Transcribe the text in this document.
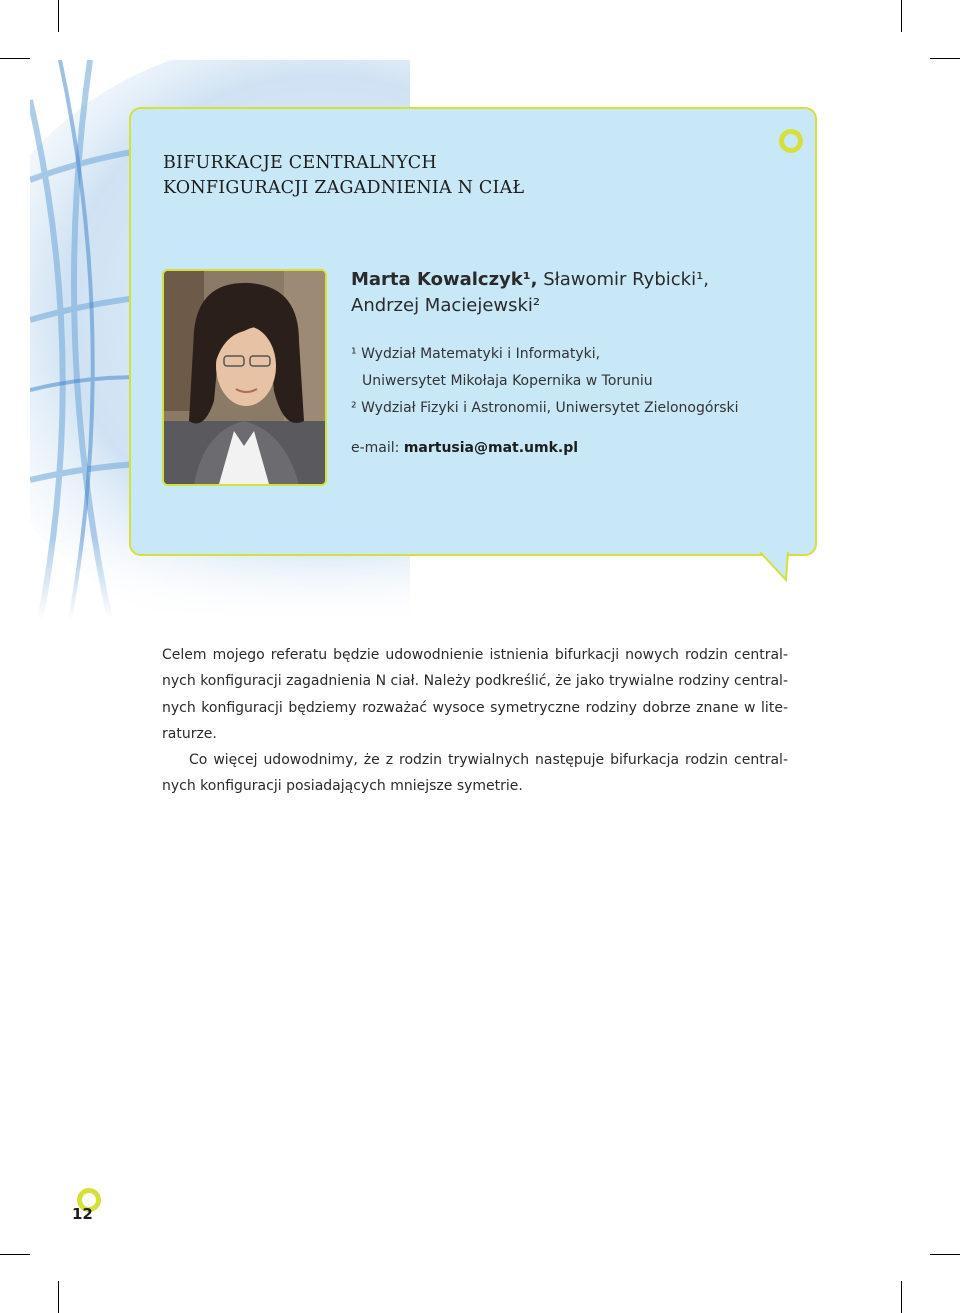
BIFURKACJE CENTRALNYCH
KONFIGURACJI ZAGADNIENIA N CIAŁ
Marta Kowalczyk¹, Sławomir Rybicki¹,
Andrzej Maciejewski²
¹ Wydział Matematyki i Informatyki,

Uniwersytet Mikołaja Kopernika w Toruniu
² Wydział Fizyki i Astronomii, Uniwersytet Zielonogórski
e-mail: martusia@mat.umk.pl

Celem mojego referatu będzie udowodnienie istnienia bifurkacji nowych rodzin centralnych konfiguracji zagadnienia N ciał. Należy podkreślić, że jako trywialne rodziny centralnych konfiguracji będziemy rozważać wysoce symetryczne rodziny dobrze znane w literaturze.

Co więcej udowodnimy, że z rodzin trywialnych następuje bifurkacja rodzin centralnych konfiguracji posiadających mniejsze symetrie.

12
